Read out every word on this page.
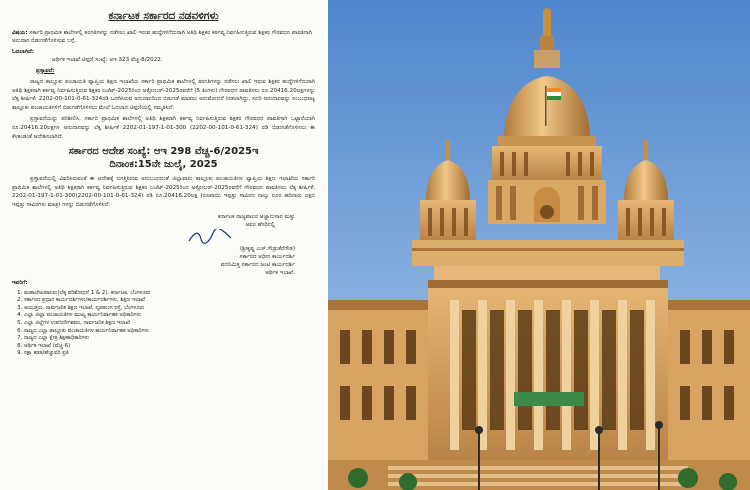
ಕರ್ನಾಟಕ ಸರ್ಕಾರದ ನಡವಳಿಗಳು
ವಿಷಯ: ಸರ್ಕಾರಿ ಪ್ರಾಥಮಿಕ ಶಾಲೆಗಳಲ್ಲಿ ತರಗತಿಗಳನ್ನು ನಡೆಸಲು ಖಾಲಿ ಇರುವ ಹುದ್ದೆಗಳಿಗೆದುರಾಗಿ ಅತಿಥಿ ಶಿಕ್ಷಕರ ಕರ್ತವ್ಯ ನಿರ್ವಹಿಸುತ್ತಿರುವ ಶಿಕ್ಷಕರ ಗೌರವಧನ ಪಾವತಿಗಾಗಿ ಅನುದಾನ ಬಿಡುಗಡೆಗೊಳಿಸುವ ಬಗ್ಗೆ.
ಓದಲಾಗಿದೆ:
ಆರ್ಥಿಕ ಇಲಾಖೆ ಟಿಪ್ಪಣಿ ಸಂಖ್ಯೆ: ಆಇ 323 ವೆಚ್ಚ-8/2022.
ಪ್ರಸ್ತಾವನೆ:

ರಾಜ್ಯದ ತಾಲ್ಲೂಕು ಪಂಚಾಯತಿ ವ್ಯಾಪ್ತಿಯ ಶಿಕ್ಷಣ ಇಲಾಖೆಯ ಸರ್ಕಾರಿ ಪ್ರಾಥಮಿಕ ಶಾಲೆಗಳಲ್ಲಿ ತರಗತಿಗಳನ್ನು ನಡೆಸಲು ಖಾಲಿ ಇರುವ ಶಿಕ್ಷಕರ ಹುದ್ದೆಗಳಿಗೆದುರಾಗಿ ಅತಿಥಿ ಶಿಕ್ಷಕರಾಗಿ ಕರ್ತವ್ಯ ನಿರ್ವಹಿಸುತ್ತಿರುವ ಶಿಕ್ಷಕರ ಬಜೆಟ್-2025ರಿಂದ ಅಕ್ಟೋಬರ್-2025ರವರೆಗೆ (5 ತಿಂಗಳು) ಗೌರವಧನ ಪಾವತಿಸಲು ರೂ.20416.20ಲಕ್ಷಗಳನ್ನು ಲೆಕ್ಕ ಶೀರ್ಷಿಕೆ: 2202-00-101-0-61-324ರಡಿ ಒದಗಿಸಿರುವ ಅನುದಾನದಿಂದ ಬಿಡುಗಡೆ ಮಾಡಲು ಅನುಮೋದನೆ ನೀಡಲಾಗಿದ್ದು, ಸದರಿ ಅನುದಾನವನ್ನು ಸಂಬಂಧಪಟ್ಟ ತಾಲ್ಲೂಕು ಪಂಚಾಯತಿಗಳಿಗೆ ಬಿಡುಗಡೆಗೊಳಿಸಲು ಮೇಲೆ ಓದಲಾದ ಟಿಪ್ಪಣಿಯಲ್ಲಿ ಸಮ್ಮತಿಸಿದೆ.

ಪ್ರಸ್ತಾವನೆಯನ್ನು ಪರಿಶೀಲಿಸಿ, ಸರ್ಕಾರಿ ಪ್ರಾಥಮಿಕ ಶಾಲೆಗಳಲ್ಲಿ ಅತಿಥಿ ಶಿಕ್ಷಕರಾಗಿ ಕರ್ತವ್ಯ ನಿರ್ವಹಿಸುತ್ತಿರುವ ಶಿಕ್ಷಕರ ಗೌರವಧನ ಪಾವತಿಗಾಗಿ ಒಟ್ಟಾರೆಯಾಗಿ ರೂ.20416.20ಲಕ್ಷಗಳ ಅನುದಾನವನ್ನು ಲೆಕ್ಕ ಶೀರ್ಷಿಕೆ 2202-01-197-1-01-300 (2202-00-101-0-61-324) ರಡಿ ಬಿಡುಗಡೆಗೊಳಿಸಲು ಈ ಕೆಳಕಂಡಂತೆ ಆದೇಶಿಸಲಾಗಿದೆ.

ಸರ್ಕಾರದ ಆದೇಶ ಸಂಖ್ಯೆ: ಆಇ 298 ವೆಚ್ಚ-6/2025ಇ
ದಿನಾಂಕ:15ನೇ ಜುಲೈ, 2025

ಪ್ರಸ್ತಾವನೆಯಲ್ಲಿ ವಿವರಿಸಿರುವಂತೆ ಈ ಆದೇಶಕ್ಕೆ ಲಗತ್ತಿಸಿರುವ ಅನುಬಂಧದಂತೆ ಜಿಲ್ಲಾವಾರು ತಾಲ್ಲೂಕು ಪಂಚಾಯತಿಗಳ ವ್ಯಾಪ್ತಿಯ ಶಿಕ್ಷಣ ಇಲಾಖೆಯ ಸರ್ಕಾರಿ ಪ್ರಾಥಮಿಕ ಶಾಲೆಗಳಲ್ಲಿ ಅತಿಥಿ ಶಿಕ್ಷಕರಾಗಿ ಕರ್ತವ್ಯ ನಿರ್ವಹಿಸುತ್ತಿರುವ ಶಿಕ್ಷಕರ ಬಜೆಟ್-2025ರಿಂದ ಅಕ್ಟೋಬರ್-2025ರವರೆಗೆ ಗೌರವಧನ ಪಾವತಿಸಲು ಲೆಕ್ಕ ಶೀರ್ಷಿಕೆ: 2202-01-197-1-01-300(2202-00-101-0-61-324) ರಡಿ ರೂ.20416.20ಲಕ್ಷ (ರೂಪಾಯಿ ಇಪ್ಪತ್ತು ಸಾವಿರದ ನಾಲ್ಕು ನೂರ ಹದಿನಾರು ಲಕ್ಷದ ಇಪ್ಪತ್ತು ಸಾವಿರಗಳು ಮಾತ್ರ) ಗಳನ್ನು ಬಿಡುಗಡೆಗೊಳಿಸಿದೆ.

ಕರ್ನಾಟಕ ರಾಜ್ಯಪಾಲರ ಆಜ್ಞಾನುಸಾರ ಮತ್ತು
ಅವರ ಹೆಸರಿನಲ್ಲಿ
(ಶ್ರೀಕೃಷ್ಣ ಎಚ್.ಗೌಡ್ರುಕೆರೆಗೌಡ)
ಸರ್ಕಾರದ ಅಧೀನ ಕಾರ್ಯದರ್ಶಿ
ಪದನಿಮಿತ್ತ ಸರ್ಕಾರದ ಜಂಟಿ ಕಾರ್ಯದರ್ಶಿ
ಆರ್ಥಿಕ ಇಲಾಖೆ.
ಇವರಿಗೆ:
1. ಮಹಾಲೇಖಪಾಲರು(ಲೆಕ್ಕ ಪರಿಶೋಧನೆ 1 & 2), ಕರ್ನಾಟಕ, ಬೆಂಗಳೂರು
2. ಸರ್ಕಾರದ ಪ್ರಧಾನ ಕಾರ್ಯದರ್ಶಿಗಳು/ಕಾರ್ಯದರ್ಶಿಗಳು, ಶಿಕ್ಷಣ ಇಲಾಖೆ
3. ಆಯುಕ್ತರು, ಸಾರ್ವಜನಿಕ ಶಿಕ್ಷಣ ಇಲಾಖೆ, ನೃಪತುಂಗ ರಸ್ತೆ, ಬೆಂಗಳೂರು
4. ಎಲ್ಲಾ ಜಿಲ್ಲಾ ಪಂಚಾಯತಿಗಳ ಮುಖ್ಯ ಕಾರ್ಯನಿರ್ವಾಹಕ ಅಧಿಕಾರಿಗಳು
5. ಎಲ್ಲಾ ಜಿಲ್ಲೆಗಳ ಉಪನಿರ್ದೇಶಕರು, ಸಾರ್ವಜನಿಕ ಶಿಕ್ಷಣ ಇಲಾಖೆ
6. ರಾಜ್ಯದ ಎಲ್ಲಾ ತಾಲ್ಲೂಕು ಪಂಚಾಯತಿಗಳ ಕಾರ್ಯನಿರ್ವಾಹಕ ಅಧಿಕಾರಿಗಳು
7. ರಾಜ್ಯದ ಎಲ್ಲಾ ಕ್ಷೇತ್ರ ಶಿಕ್ಷಣಾಧಿಕಾರಿಗಳು
8. ಆರ್ಥಿಕ ಇಲಾಖೆ (ವೆಚ್ಚ-6)
9. ರಕ್ಷಾ ಕಡತ/ಹೆಚ್ಚುವರಿ ಪ್ರತಿ
